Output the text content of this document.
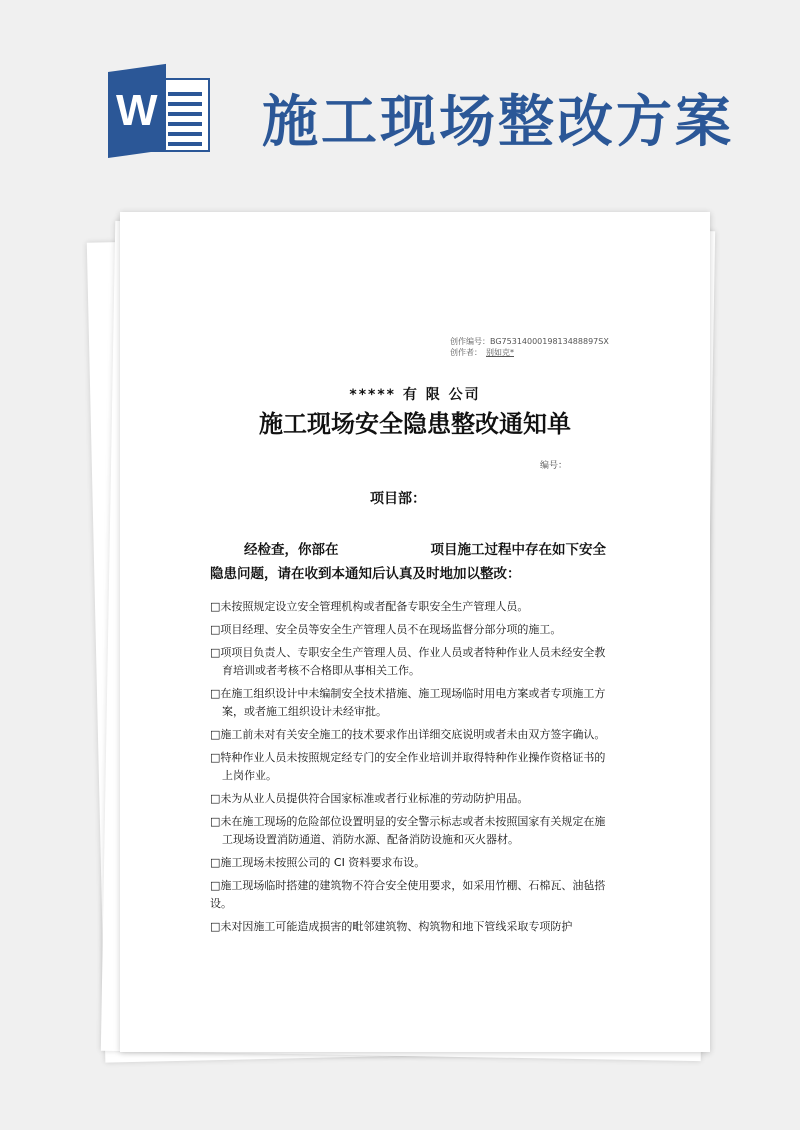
W 施工现场整改方案
创作编号：BG7531400019813488897SX
创作者： 别如克*
***** 有 限 公司
施工现场安全隐患整改通知单
编号：
项目部：
经检查，你部在	项目施工过程中存在如下安全
隐患问题，请在收到本通知后认真及时地加以整改：
□未按照规定设立安全管理机构或者配备专职安全生产管理人员。
□项目经理、安全员等安全生产管理人员不在现场监督分部分项的施工。
□项项目负责人、专职安全生产管理人员、作业人员或者特种作业人员未经安全教育培训或者考核不合格即从事相关工作。
□在施工组织设计中未编制安全技术措施、施工现场临时用电方案或者专项施工方案，或者施工组织设计未经审批。
□施工前未对有关安全施工的技术要求作出详细交底说明或者未由双方签字确认。
□特种作业人员未按照规定经专门的安全作业培训并取得特种作业操作资格证书的上岗作业。
□未为从业人员提供符合国家标准或者行业标准的劳动防护用品。
□未在施工现场的危险部位设置明显的安全警示标志或者未按照国家有关规定在施工现场设置消防通道、消防水源、配备消防设施和灭火器材。
□施工现场未按照公司的 CI 资料要求布设。
□施工现场临时搭建的建筑物不符合安全使用要求，如采用竹棚、石棉瓦、油毡搭设。
□未对因施工可能造成损害的毗邻建筑物、构筑物和地下管线采取专项防护
